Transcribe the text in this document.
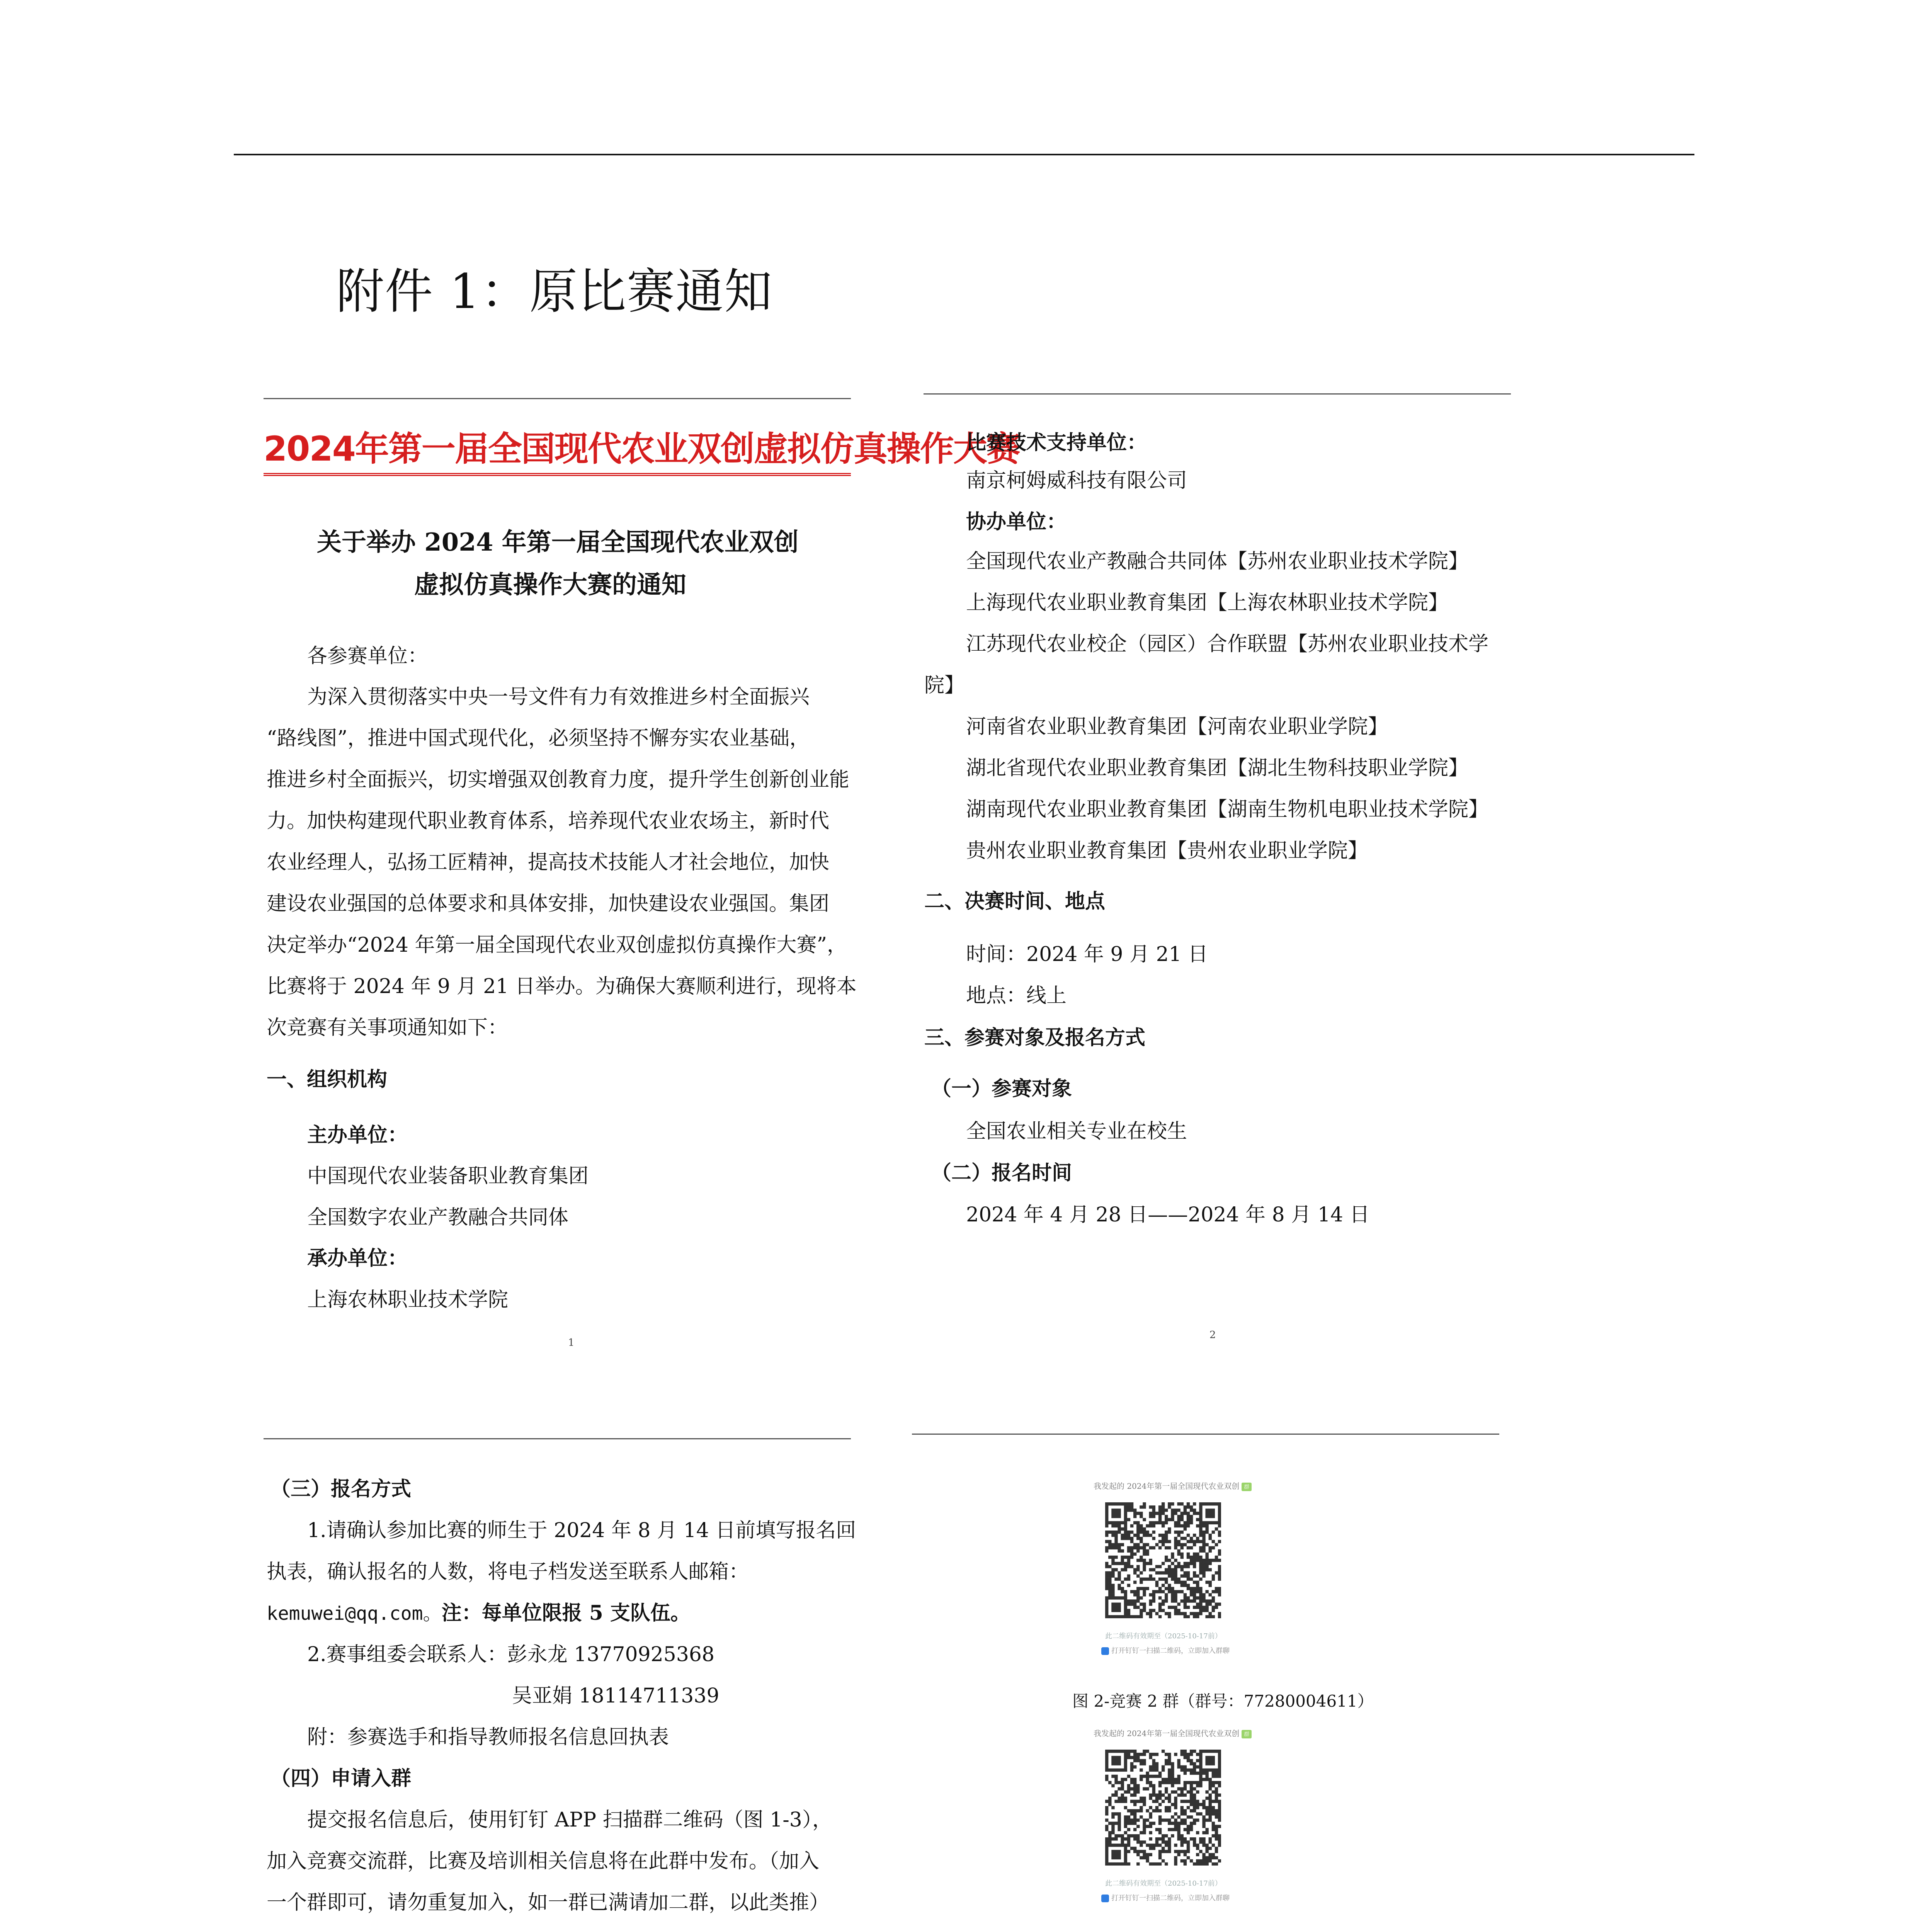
附件 1：原比赛通知
2024年第一届全国现代农业双创虚拟仿真操作大赛
关于举办 2024 年第一届全国现代农业双创
虚拟仿真操作大赛的通知
各参赛单位：
为深入贯彻落实中央一号文件有力有效推进乡村全面振兴
“路线图”，推进中国式现代化，必须坚持不懈夯实农业基础，
推进乡村全面振兴，切实增强双创教育力度，提升学生创新创业能
力。加快构建现代职业教育体系，培养现代农业农场主，新时代
农业经理人，弘扬工匠精神，提高技术技能人才社会地位，加快
建设农业强国的总体要求和具体安排，加快建设农业强国。集团
决定举办“2024 年第一届全国现代农业双创虚拟仿真操作大赛”，
比赛将于 2024 年 9 月 21 日举办。为确保大赛顺利进行，现将本
次竞赛有关事项通知如下：
一、组织机构
主办单位：
中国现代农业装备职业教育集团
全国数字农业产教融合共同体
承办单位：
上海农林职业技术学院
1
比赛技术支持单位：
南京柯姆威科技有限公司
协办单位：
全国现代农业产教融合共同体【苏州农业职业技术学院】
上海现代农业职业教育集团【上海农林职业技术学院】
江苏现代农业校企（园区）合作联盟【苏州农业职业技术学
院】
河南省农业职业教育集团【河南农业职业学院】
湖北省现代农业职业教育集团【湖北生物科技职业学院】
湖南现代农业职业教育集团【湖南生物机电职业技术学院】
贵州农业职业教育集团【贵州农业职业学院】
二、决赛时间、地点
时间：2024 年 9 月 21 日
地点：线上
三、参赛对象及报名方式
（一）参赛对象
全国农业相关专业在校生
（二）报名时间
2024 年 4 月 28 日——2024 年 8 月 14 日
2
（三）报名方式
1.请确认参加比赛的师生于 2024 年 8 月 14 日前填写报名回
执表，确认报名的人数，将电子档发送至联系人邮箱：
kemuwei@qq.com。注：每单位限报 5 支队伍。
2.赛事组委会联系人：彭永龙 13770925368
吴亚娟 18114711339
附：参赛选手和指导教师报名信息回执表
（四）申请入群
提交报名信息后，使用钉钉 APP 扫描群二维码（图 1-3），
加入竞赛交流群，比赛及培训相关信息将在此群中发布。（加入
一个群即可，请勿重复加入，如一群已满请加二群，以此类推）
我发起的 2024年第一届全国现代农业双创 群
此二维码有效期至（2025-10-17前）
打开钉钉一扫描二维码，立即加入群聊
图 2-竞赛 2 群（群号：77280004611）
我发起的 2024年第一届全国现代农业双创 群
此二维码有效期至（2025-10-17前）
打开钉钉一扫描二维码，立即加入群聊
